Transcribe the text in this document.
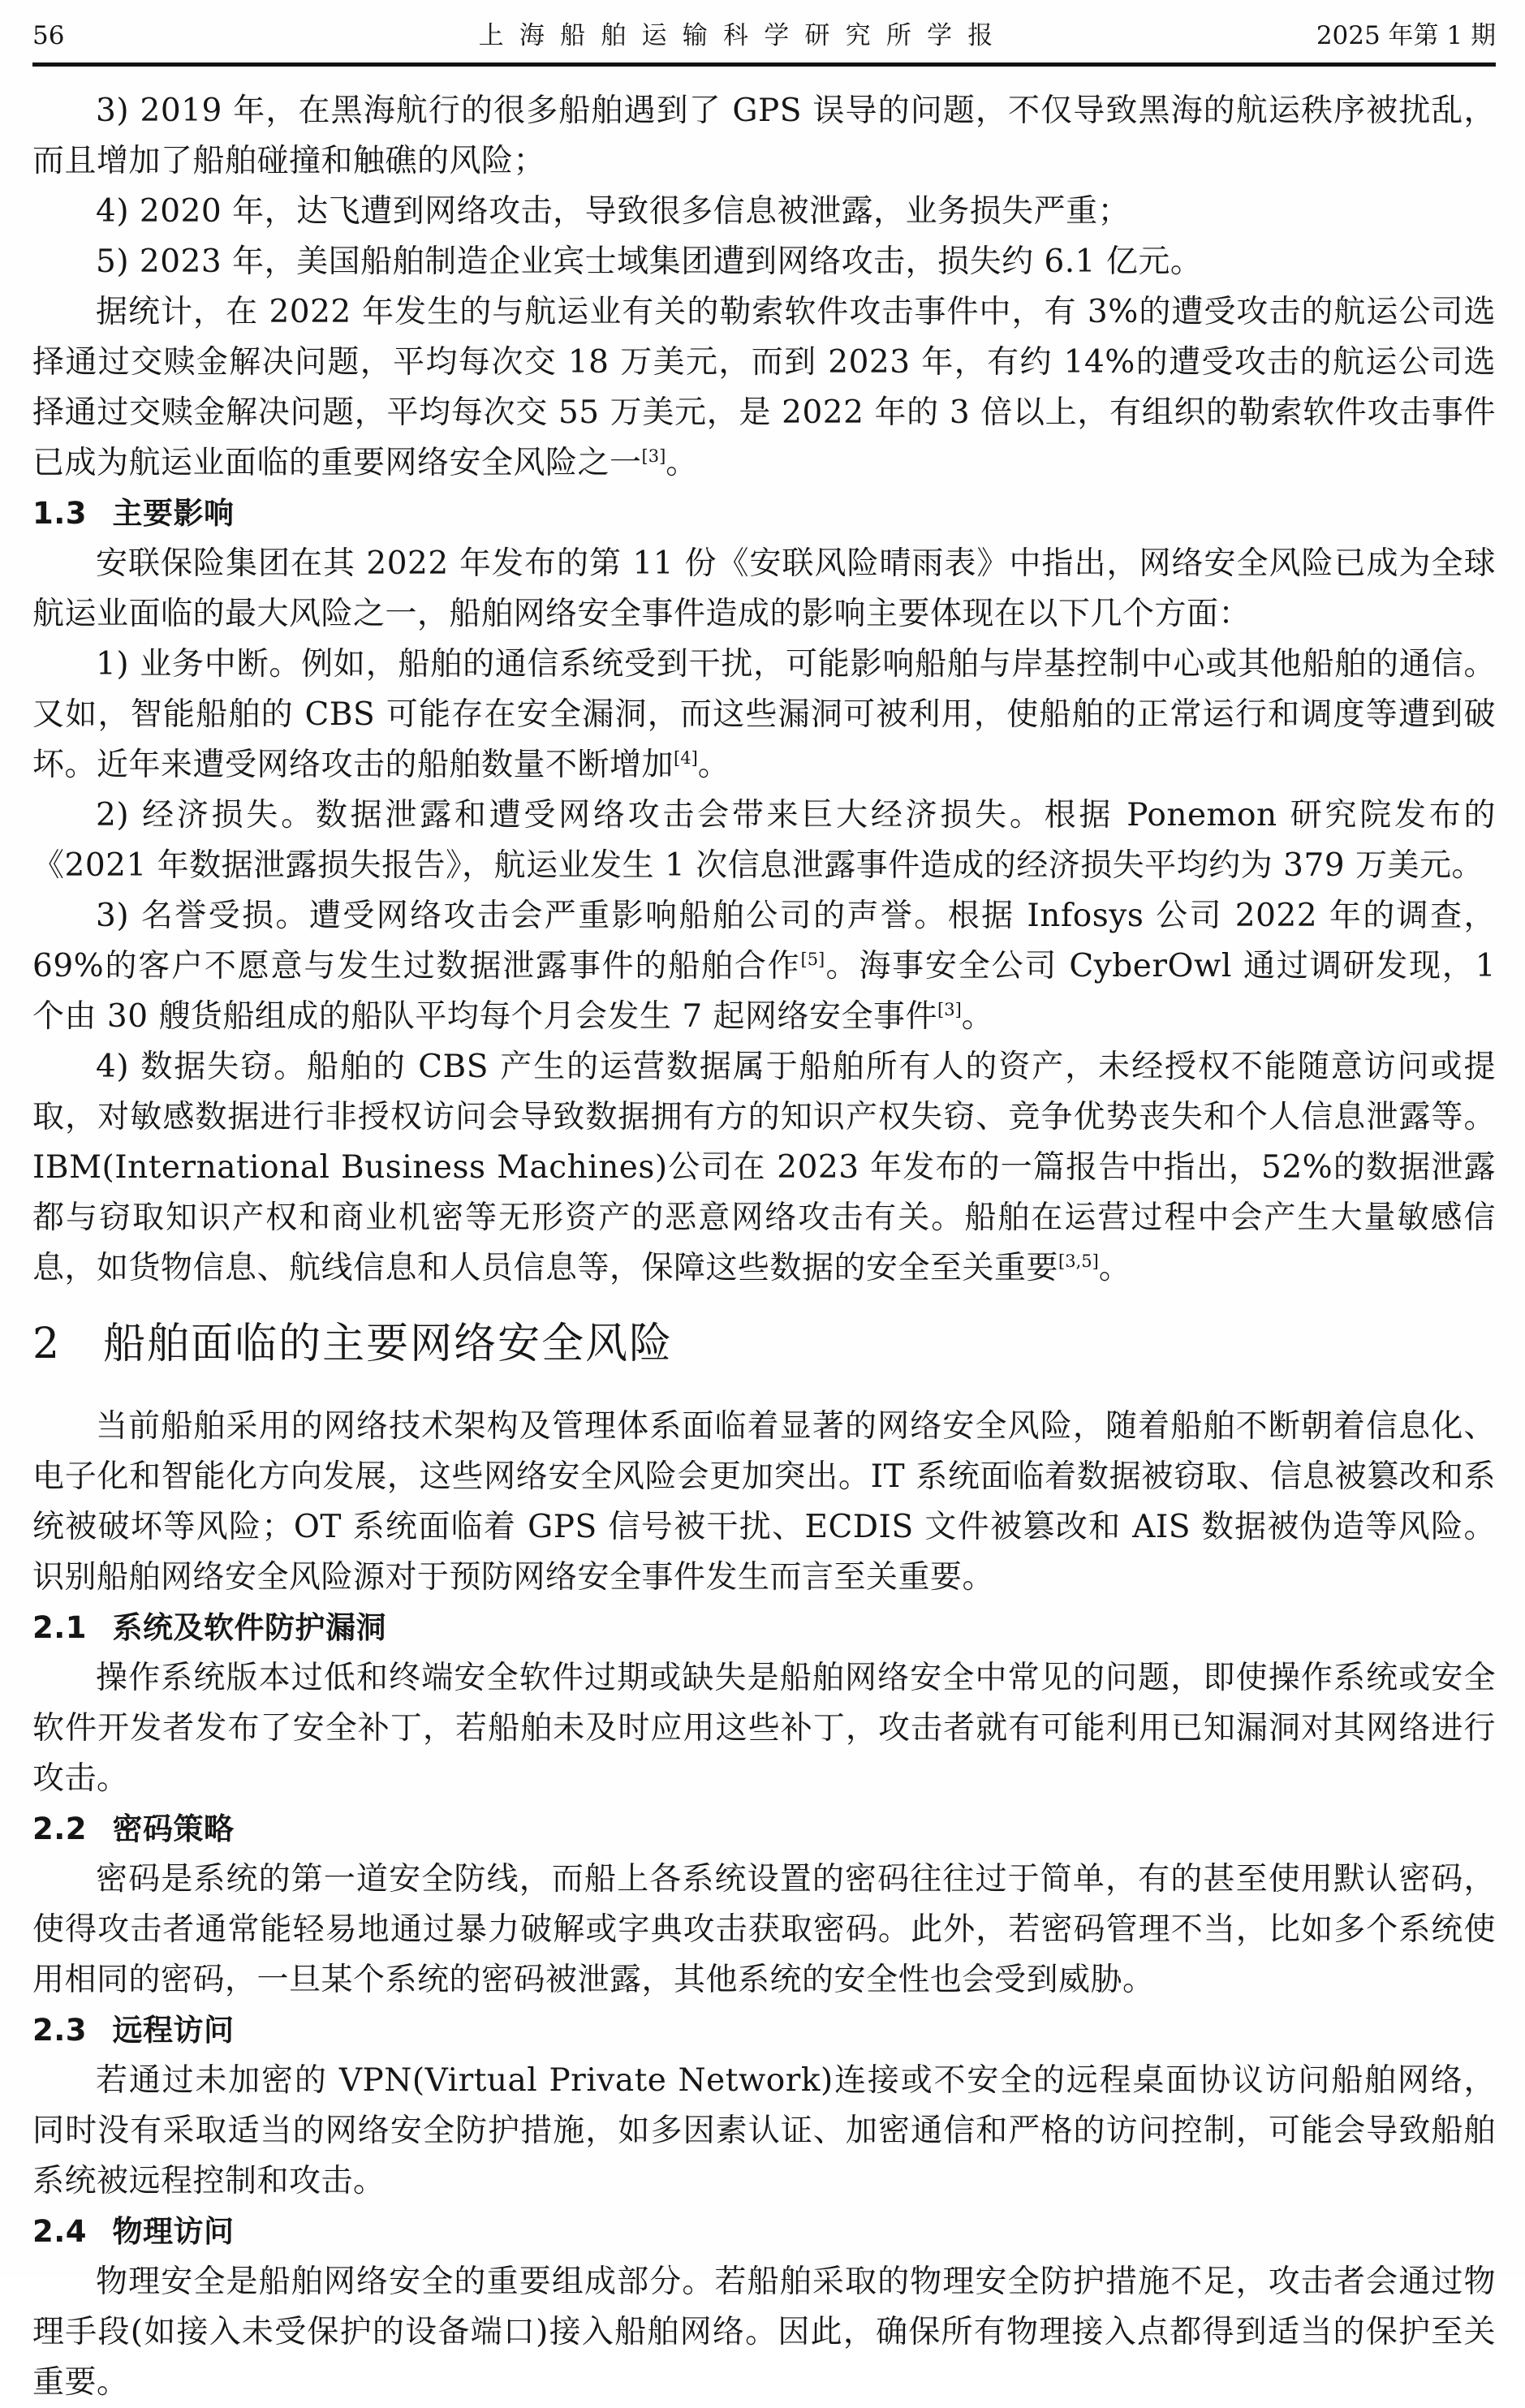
56	上海船舶运输科学研究所学报	2025 年第 1 期

3) 2019 年，在黑海航行的很多船舶遇到了 GPS 误导的问题，不仅导致黑海的航运秩序被扰乱，而且增加了船舶碰撞和触礁的风险；

4) 2020 年，达飞遭到网络攻击，导致很多信息被泄露，业务损失严重；

5) 2023 年，美国船舶制造企业宾士域集团遭到网络攻击，损失约 6.1 亿元。

据统计，在 2022 年发生的与航运业有关的勒索软件攻击事件中，有 3%的遭受攻击的航运公司选择通过交赎金解决问题，平均每次交 18 万美元，而到 2023 年，有约 14%的遭受攻击的航运公司选择通过交赎金解决问题，平均每次交 55 万美元，是 2022 年的 3 倍以上，有组织的勒索软件攻击事件已成为航运业面临的重要网络安全风险之一[3]。

1.3 主要影响

安联保险集团在其 2022 年发布的第 11 份《安联风险晴雨表》中指出，网络安全风险已成为全球航运业面临的最大风险之一，船舶网络安全事件造成的影响主要体现在以下几个方面：

1) 业务中断。例如，船舶的通信系统受到干扰，可能影响船舶与岸基控制中心或其他船舶的通信。又如，智能船舶的 CBS 可能存在安全漏洞，而这些漏洞可被利用，使船舶的正常运行和调度等遭到破坏。近年来遭受网络攻击的船舶数量不断增加[4]。

2) 经济损失。数据泄露和遭受网络攻击会带来巨大经济损失。根据 Ponemon 研究院发布的《2021 年数据泄露损失报告》，航运业发生 1 次信息泄露事件造成的经济损失平均约为 379 万美元。

3) 名誉受损。遭受网络攻击会严重影响船舶公司的声誉。根据 Infosys 公司 2022 年的调查，69%的客户不愿意与发生过数据泄露事件的船舶合作[5]。海事安全公司 CyberOwl 通过调研发现，1 个由 30 艘货船组成的船队平均每个月会发生 7 起网络安全事件[3]。

4) 数据失窃。船舶的 CBS 产生的运营数据属于船舶所有人的资产，未经授权不能随意访问或提取，对敏感数据进行非授权访问会导致数据拥有方的知识产权失窃、竞争优势丧失和个人信息泄露等。IBM(International Business Machines)公司在 2023 年发布的一篇报告中指出，52%的数据泄露都与窃取知识产权和商业机密等无形资产的恶意网络攻击有关。船舶在运营过程中会产生大量敏感信息，如货物信息、航线信息和人员信息等，保障这些数据的安全至关重要[3,5]。

2 船舶面临的主要网络安全风险

当前船舶采用的网络技术架构及管理体系面临着显著的网络安全风险，随着船舶不断朝着信息化、电子化和智能化方向发展，这些网络安全风险会更加突出。IT 系统面临着数据被窃取、信息被篡改和系统被破坏等风险；OT 系统面临着 GPS 信号被干扰、ECDIS 文件被篡改和 AIS 数据被伪造等风险。识别船舶网络安全风险源对于预防网络安全事件发生而言至关重要。

2.1 系统及软件防护漏洞

操作系统版本过低和终端安全软件过期或缺失是船舶网络安全中常见的问题，即使操作系统或安全软件开发者发布了安全补丁，若船舶未及时应用这些补丁，攻击者就有可能利用已知漏洞对其网络进行攻击。

2.2 密码策略

密码是系统的第一道安全防线，而船上各系统设置的密码往往过于简单，有的甚至使用默认密码，使得攻击者通常能轻易地通过暴力破解或字典攻击获取密码。此外，若密码管理不当，比如多个系统使用相同的密码，一旦某个系统的密码被泄露，其他系统的安全性也会受到威胁。

2.3 远程访问

若通过未加密的 VPN(Virtual Private Network)连接或不安全的远程桌面协议访问船舶网络，同时没有采取适当的网络安全防护措施，如多因素认证、加密通信和严格的访问控制，可能会导致船舶系统被远程控制和攻击。

2.4 物理访问

物理安全是船舶网络安全的重要组成部分。若船舶采取的物理安全防护措施不足，攻击者会通过物理手段(如接入未受保护的设备端口)接入船舶网络。因此，确保所有物理接入点都得到适当的保护至关重要。
